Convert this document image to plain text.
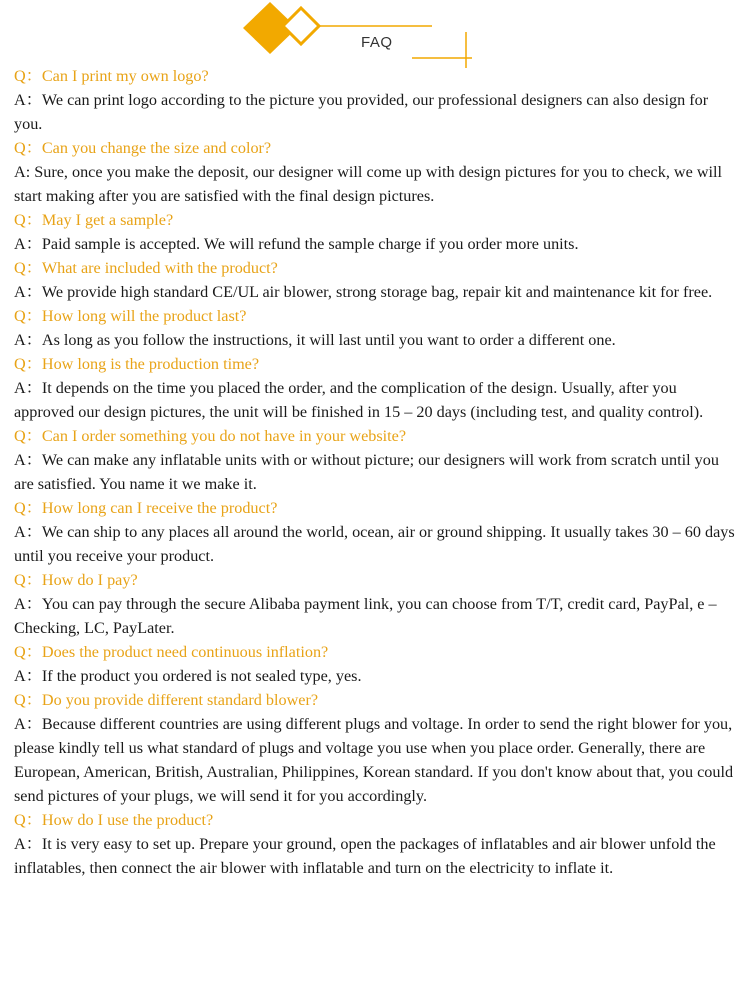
FAQ

Q：Can I print my own logo?

A：We can print logo according to the picture you provided, our professional designers can also design for you.

Q：Can you change the size and color?

A: Sure, once you make the deposit, our designer will come up with design pictures for you to check, we will start making after you are satisfied with the final design pictures.

Q：May I get a sample?

A：Paid sample is accepted. We will refund the sample charge if you order more units.

Q：What are included with the product?

A：We provide high standard CE/UL air blower, strong storage bag, repair kit and maintenance kit for free.

Q：How long will the product last?

A：As long as you follow the instructions, it will last until you want to order a different one.

Q：How long is the production time?

A：It depends on the time you placed the order, and the complication of the design. Usually, after you approved our design pictures, the unit will be finished in 15 – 20 days (including test, and quality control).

Q：Can I order something you do not have in your website?

A：We can make any inflatable units with or without picture; our designers will work from scratch until you are satisfied. You name it we make it.

Q：How long can I receive the product?

A：We can ship to any places all around the world, ocean, air or ground shipping. It usually takes 30 – 60 days until you receive your product.

Q：How do I pay?

A：You can pay through the secure Alibaba payment link, you can choose from T/T, credit card, PayPal, e – Checking, LC, PayLater.

Q：Does the product need continuous inflation?

A：If the product you ordered is not sealed type, yes.

Q：Do you provide different standard blower?

A：Because different countries are using different plugs and voltage. In order to send the right blower for you, please kindly tell us what standard of plugs and voltage you use when you place order. Generally, there are European, American, British, Australian, Philippines, Korean standard. If you don't know about that, you could send pictures of your plugs, we will send it for you accordingly.

Q：How do I use the product?

A：It is very easy to set up. Prepare your ground, open the packages of inflatables and air blower unfold the inflatables, then connect the air blower with inflatable and turn on the electricity to inflate it.
